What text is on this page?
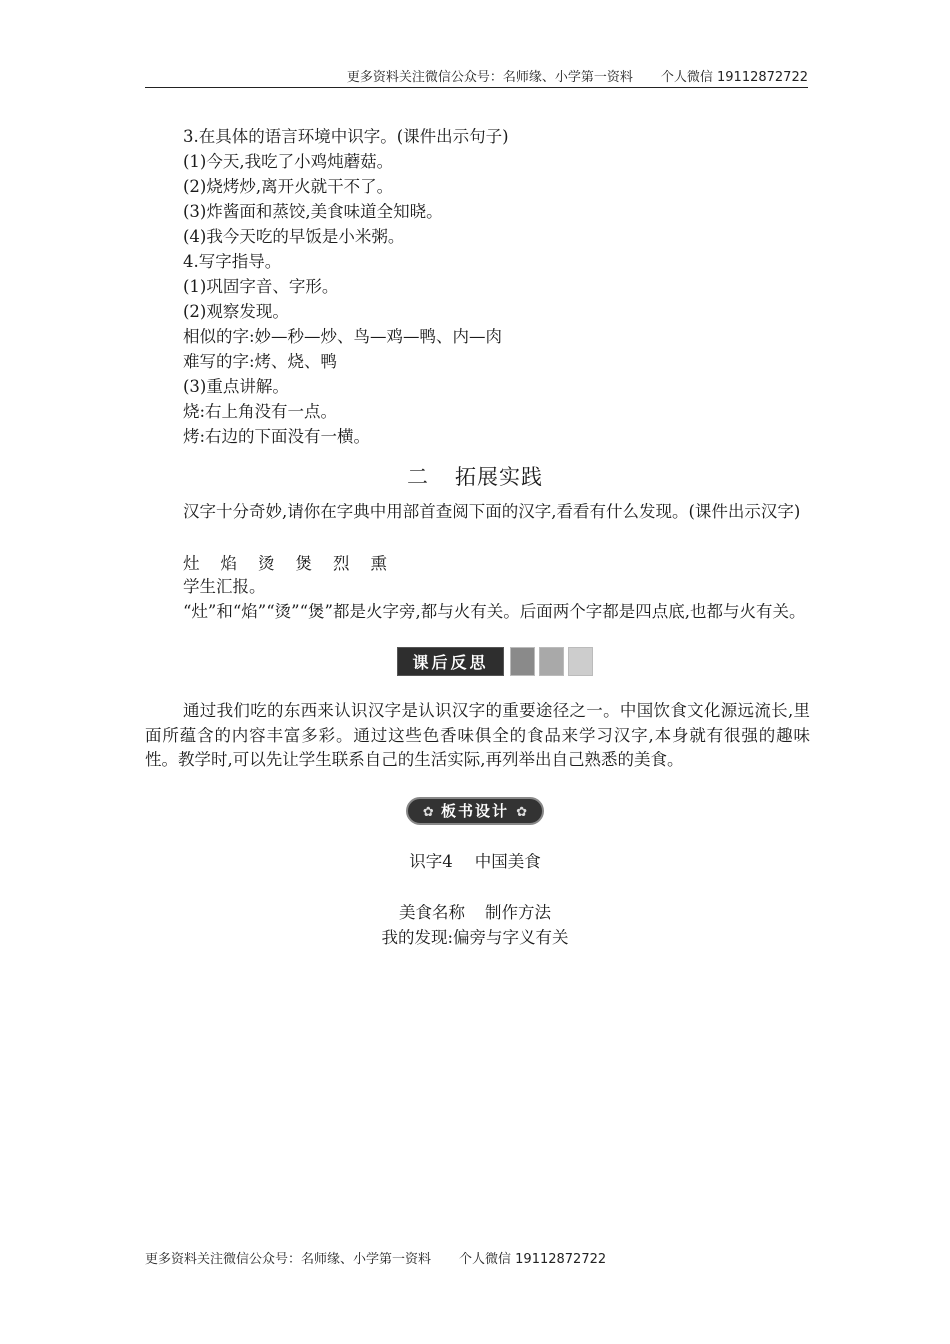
更多资料关注微信公众号：名师缘、小学第一资料 个人微信 19112872722
3.在具体的语言环境中识字。(课件出示句子)
(1)今天,我吃了小鸡炖蘑菇。
(2)烧烤炒,离开火就干不了。
(3)炸酱面和蒸饺,美食味道全知晓。
(4)我今天吃的早饭是小米粥。
4.写字指导。
(1)巩固字音、字形。
(2)观察发现。
相似的字:妙—秒—炒、鸟—鸡—鸭、内—肉
难写的字:烤、烧、鸭
(3)重点讲解。
烧:右上角没有一点。
烤:右边的下面没有一横。
二 拓展实践
汉字十分奇妙,请你在字典中用部首查阅下面的汉字,看看有什么发现。(课件出示汉字)
灶 焰 烫 煲 烈 熏
学生汇报。
“灶”和“焰”“烫”“煲”都是火字旁,都与火有关。后面两个字都是四点底,也都与火有关。
课后反思
通过我们吃的东西来认识汉字是认识汉字的重要途径之一。中国饮食文化源远流长,里面所蕴含的内容丰富多彩。通过这些色香味俱全的食品来学习汉字,本身就有很强的趣味性。教学时,可以先让学生联系自己的生活实际,再列举出自己熟悉的美食。
✿ 板书设计 ✿
识字4 中国美食
美食名称 制作方法
我的发现:偏旁与字义有关
更多资料关注微信公众号：名师缘、小学第一资料 个人微信 19112872722
